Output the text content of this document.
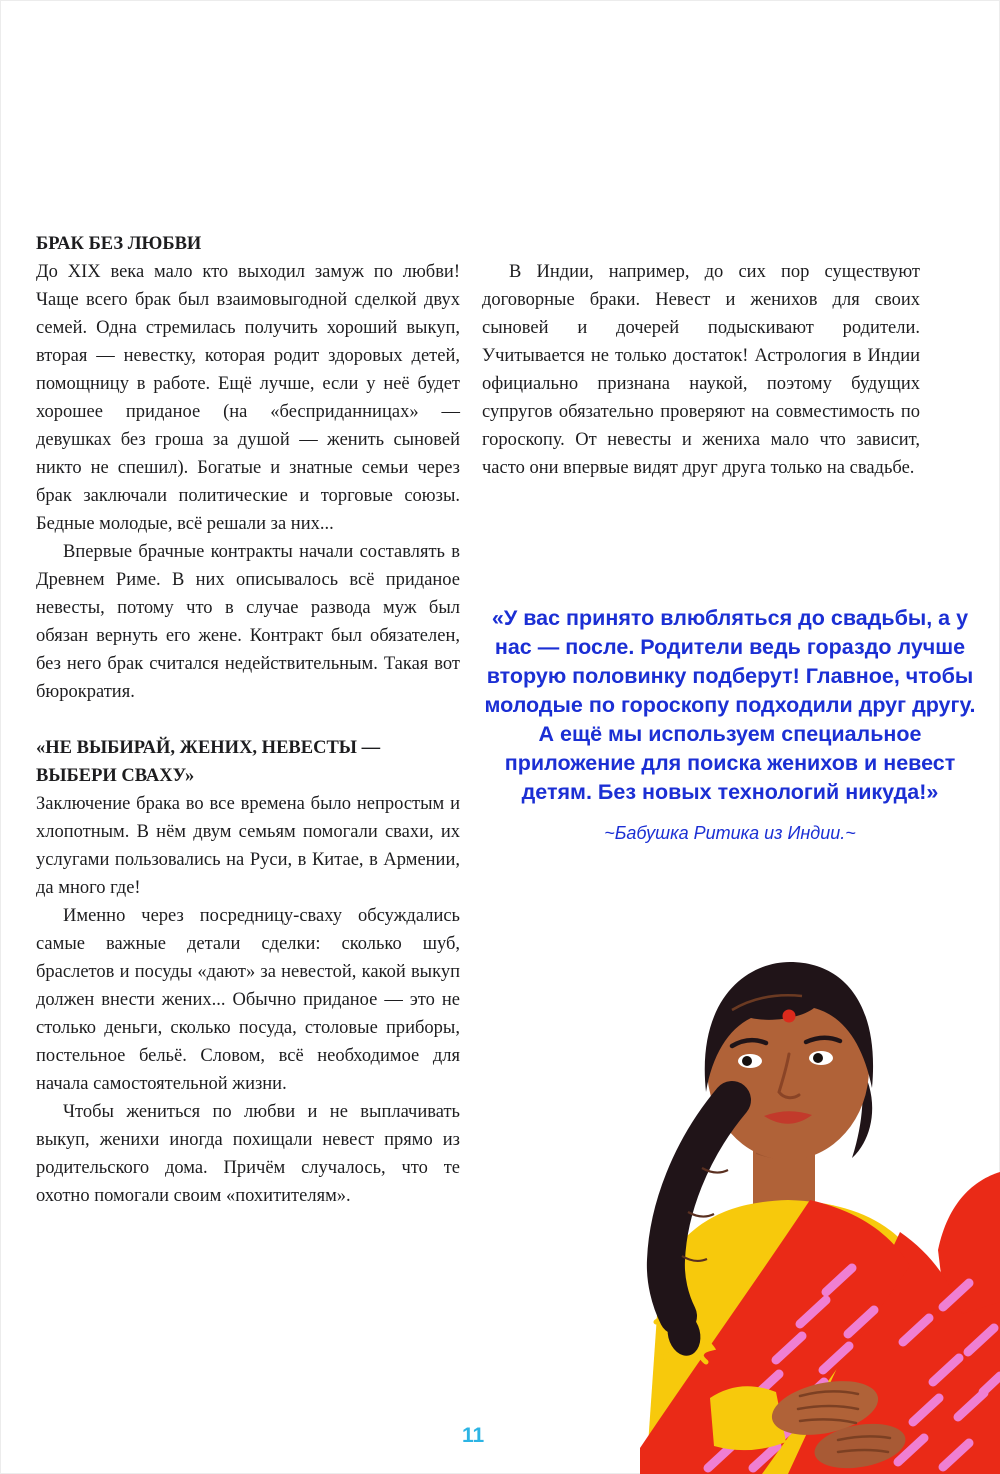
БРАК БЕЗ ЛЮБВИ

До XIX века мало кто выходил замуж по любви! Чаще всего брак был взаимовыгодной сделкой двух семей. Одна стремилась получить хороший выкуп, вторая — невестку, которая родит здоровых детей, помощницу в работе. Ещё лучше, если у неё будет хорошее приданое (на «бесприданницах» — девушках без гроша за душой — женить сыновей никто не спешил). Богатые и знатные семьи через брак заключали политические и торговые союзы. Бедные молодые, всё решали за них...

Впервые брачные контракты начали составлять в Древнем Риме. В них описывалось всё приданое невесты, потому что в случае развода муж был обязан вернуть его жене. Контракт был обязателен, без него брак считался недействительным. Такая вот бюрократия.

«НЕ ВЫБИРАЙ, ЖЕНИХ, НЕВЕСТЫ — ВЫБЕРИ СВАХУ»

Заключение брака во все времена было непростым и хлопотным. В нём двум семьям помогали свахи, их услугами пользовались на Руси, в Китае, в Армении, да много где!

Именно через посредницу-сваху обсуждались самые важные детали сделки: сколько шуб, браслетов и посуды «дают» за невестой, какой выкуп должен внести жених... Обычно приданое — это не столько деньги, сколько посуда, столовые приборы, постельное бельё. Словом, всё необходимое для начала самостоятельной жизни.

Чтобы жениться по любви и не выплачивать выкуп, женихи иногда похищали невест прямо из родительского дома. Причём случалось, что те охотно помогали своим «похитителям».

В Индии, например, до сих пор существуют договорные браки. Невест и женихов для своих сыновей и дочерей подыскивают родители. Учитывается не только достаток! Астрология в Индии официально признана наукой, поэтому будущих супругов обязательно проверяют на совместимость по гороскопу. От невесты и жениха мало что зависит, часто они впервые видят друг друга только на свадьбе.

«У вас принято влюбляться до свадьбы, а у нас — после. Родители ведь гораздо лучше вторую половинку подберут! Главное, чтобы молодые по гороскопу подходили друг другу. А ещё мы используем специальное приложение для поиска женихов и невест детям. Без новых технологий никуда!»

~Бабушка Ритика из Индии.~

11
